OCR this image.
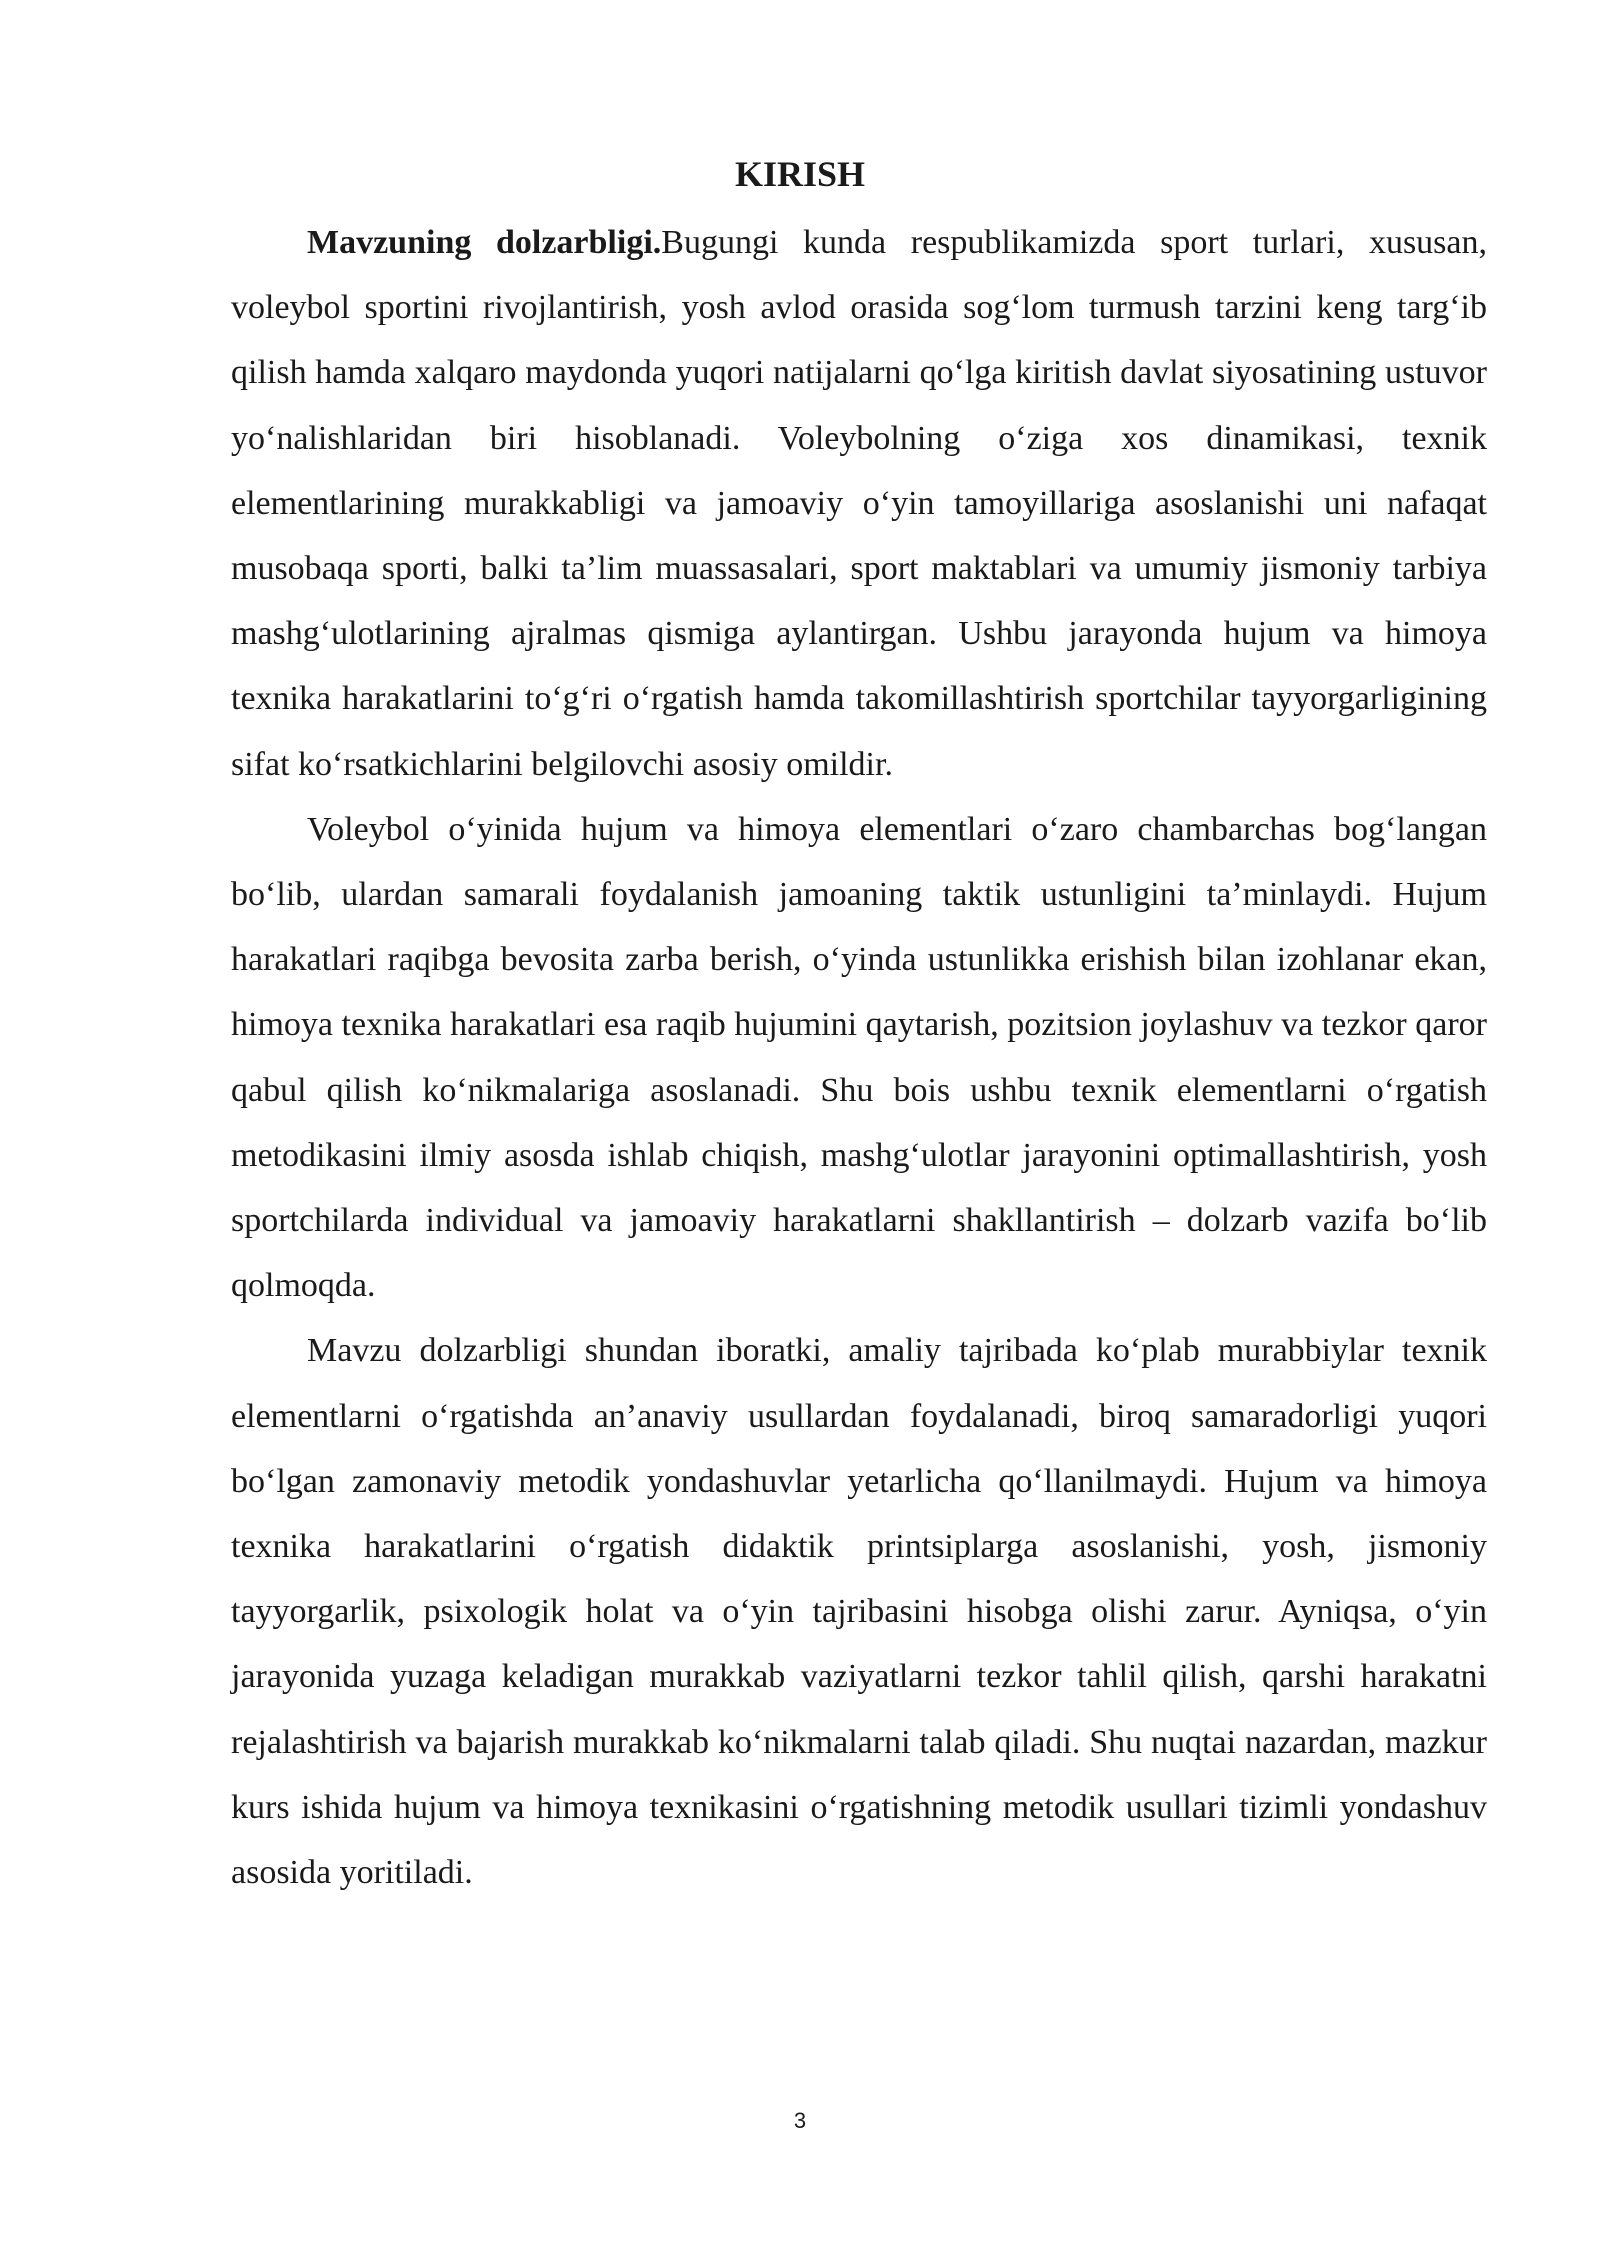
KIRISH

Mavzuning dolzarbligi.Bugungi kunda respublikamizda sport turlari, xususan, voleybol sportini rivojlantirish, yosh avlod orasida sog‘lom turmush tarzini keng targ‘ib qilish hamda xalqaro maydonda yuqori natijalarni qo‘lga kiritish davlat siyosatining ustuvor yo‘nalishlaridan biri hisoblanadi. Voleybolning o‘ziga xos dinamikasi, texnik elementlarining murakkabligi va jamoaviy o‘yin tamoyillariga asoslanishi uni nafaqat musobaqa sporti, balki ta’lim muassasalari, sport maktablari va umumiy jismoniy tarbiya mashg‘ulotlarining ajralmas qismiga aylantirgan. Ushbu jarayonda hujum va himoya texnika harakatlarini to‘g‘ri o‘rgatish hamda takomillashtirish sportchilar tayyorgarligining sifat ko‘rsatkichlarini belgilovchi asosiy omildir.

Voleybol o‘yinida hujum va himoya elementlari o‘zaro chambarchas bog‘langan bo‘lib, ulardan samarali foydalanish jamoaning taktik ustunligini ta’minlaydi. Hujum harakatlari raqibga bevosita zarba berish, o‘yinda ustunlikka erishish bilan izohlanar ekan, himoya texnika harakatlari esa raqib hujumini qaytarish, pozitsion joylashuv va tezkor qaror qabul qilish ko‘nikmalariga asoslanadi. Shu bois ushbu texnik elementlarni o‘rgatish metodikasini ilmiy asosda ishlab chiqish, mashg‘ulotlar jarayonini optimallashtirish, yosh sportchilarda individual va jamoaviy harakatlarni shakllantirish – dolzarb vazifa bo‘lib qolmoqda.

Mavzu dolzarbligi shundan iboratki, amaliy tajribada ko‘plab murabbiylar texnik elementlarni o‘rgatishda an’anaviy usullardan foydalanadi, biroq samaradorligi yuqori bo‘lgan zamonaviy metodik yondashuvlar yetarlicha qo‘llanilmaydi. Hujum va himoya texnika harakatlarini o‘rgatish didaktik printsiplarga asoslanishi, yosh, jismoniy tayyorgarlik, psixologik holat va o‘yin tajribasini hisobga olishi zarur. Ayniqsa, o‘yin jarayonida yuzaga keladigan murakkab vaziyatlarni tezkor tahlil qilish, qarshi harakatni rejalashtirish va bajarish murakkab ko‘nikmalarni talab qiladi. Shu nuqtai nazardan, mazkur kurs ishida hujum va himoya texnikasini o‘rgatishning metodik usullari tizimli yondashuv asosida yoritiladi.

3
